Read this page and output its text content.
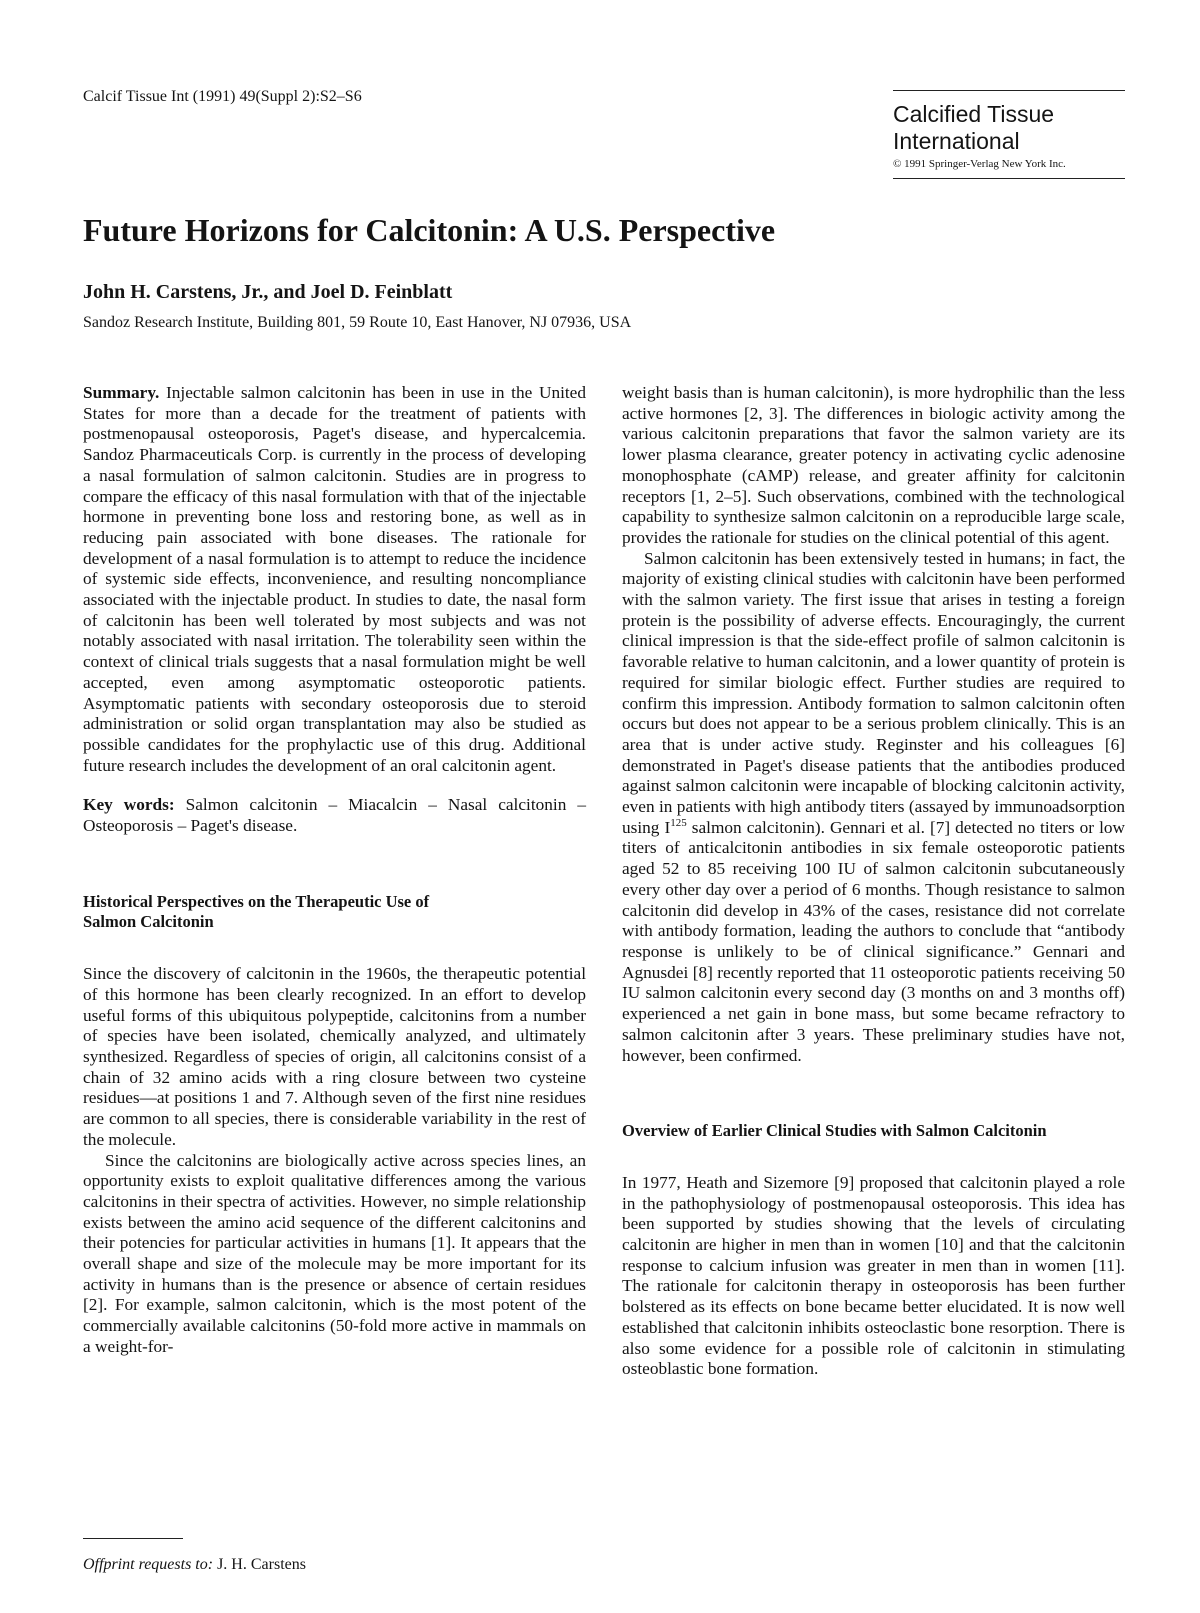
Calcif Tissue Int (1991) 49(Suppl 2):S2–S6
Calcified Tissue
International
© 1991 Springer-Verlag New York Inc.
Future Horizons for Calcitonin: A U.S. Perspective

John H. Carstens, Jr., and Joel D. Feinblatt

Sandoz Research Institute, Building 801, 59 Route 10, East Hanover, NJ 07936, USA

Summary. Injectable salmon calcitonin has been in use in the United States for more than a decade for the treatment of patients with postmenopausal osteoporosis, Paget's disease, and hypercalcemia. Sandoz Pharmaceuticals Corp. is currently in the process of developing a nasal formulation of salmon calcitonin. Studies are in progress to compare the efficacy of this nasal formulation with that of the injectable hormone in preventing bone loss and restoring bone, as well as in reducing pain associated with bone diseases. The rationale for development of a nasal formulation is to attempt to reduce the incidence of systemic side effects, inconvenience, and resulting noncompliance associated with the injectable product. In studies to date, the nasal form of calcitonin has been well tolerated by most subjects and was not notably associated with nasal irritation. The tolerability seen within the context of clinical trials suggests that a nasal formulation might be well accepted, even among asymptomatic osteoporotic patients. Asymptomatic patients with secondary osteoporosis due to steroid administration or solid organ transplantation may also be studied as possible candidates for the prophylactic use of this drug. Additional future research includes the development of an oral calcitonin agent.

Key words: Salmon calcitonin – Miacalcin – Nasal calcitonin – Osteoporosis – Paget's disease.

Historical Perspectives on the Therapeutic Use of
Salmon Calcitonin

Since the discovery of calcitonin in the 1960s, the therapeutic potential of this hormone has been clearly recognized. In an effort to develop useful forms of this ubiquitous polypeptide, calcitonins from a number of species have been isolated, chemically analyzed, and ultimately synthesized. Regardless of species of origin, all calcitonins consist of a chain of 32 amino acids with a ring closure between two cysteine residues—at positions 1 and 7. Although seven of the first nine residues are common to all species, there is considerable variability in the rest of the molecule.

Since the calcitonins are biologically active across species lines, an opportunity exists to exploit qualitative differences among the various calcitonins in their spectra of activities. However, no simple relationship exists between the amino acid sequence of the different calcitonins and their potencies for particular activities in humans [1]. It appears that the overall shape and size of the molecule may be more important for its activity in humans than is the presence or absence of certain residues [2]. For example, salmon calcitonin, which is the most potent of the commercially available calcitonins (50-fold more active in mammals on a weight-for-

weight basis than is human calcitonin), is more hydrophilic than the less active hormones [2, 3]. The differences in biologic activity among the various calcitonin preparations that favor the salmon variety are its lower plasma clearance, greater potency in activating cyclic adenosine monophosphate (cAMP) release, and greater affinity for calcitonin receptors [1, 2–5]. Such observations, combined with the technological capability to synthesize salmon calcitonin on a reproducible large scale, provides the rationale for studies on the clinical potential of this agent.

Salmon calcitonin has been extensively tested in humans; in fact, the majority of existing clinical studies with calcitonin have been performed with the salmon variety. The first issue that arises in testing a foreign protein is the possibility of adverse effects. Encouragingly, the current clinical impression is that the side-effect profile of salmon calcitonin is favorable relative to human calcitonin, and a lower quantity of protein is required for similar biologic effect. Further studies are required to confirm this impression. Antibody formation to salmon calcitonin often occurs but does not appear to be a serious problem clinically. This is an area that is under active study. Reginster and his colleagues [6] demonstrated in Paget's disease patients that the antibodies produced against salmon calcitonin were incapable of blocking calcitonin activity, even in patients with high antibody titers (assayed by immunoadsorption using $I^{125}$ salmon calcitonin). Gennari et al. [7] detected no titers or low titers of anticalcitonin antibodies in six female osteoporotic patients aged 52 to 85 receiving 100 IU of salmon calcitonin subcutaneously every other day over a period of 6 months. Though resistance to salmon calcitonin did develop in 43% of the cases, resistance did not correlate with antibody formation, leading the authors to conclude that “antibody response is unlikely to be of clinical significance.” Gennari and Agnusdei [8] recently reported that 11 osteoporotic patients receiving 50 IU salmon calcitonin every second day (3 months on and 3 months off) experienced a net gain in bone mass, but some became refractory to salmon calcitonin after 3 years. These preliminary studies have not, however, been confirmed.

Overview of Earlier Clinical Studies with Salmon Calcitonin

In 1977, Heath and Sizemore [9] proposed that calcitonin played a role in the pathophysiology of postmenopausal osteoporosis. This idea has been supported by studies showing that the levels of circulating calcitonin are higher in men than in women [10] and that the calcitonin response to calcium infusion was greater in men than in women [11]. The rationale for calcitonin therapy in osteoporosis has been further bolstered as its effects on bone became better elucidated. It is now well established that calcitonin inhibits osteoclastic bone resorption. There is also some evidence for a possible role of calcitonin in stimulating osteoblastic bone formation.

Offprint requests to: J. H. Carstens
